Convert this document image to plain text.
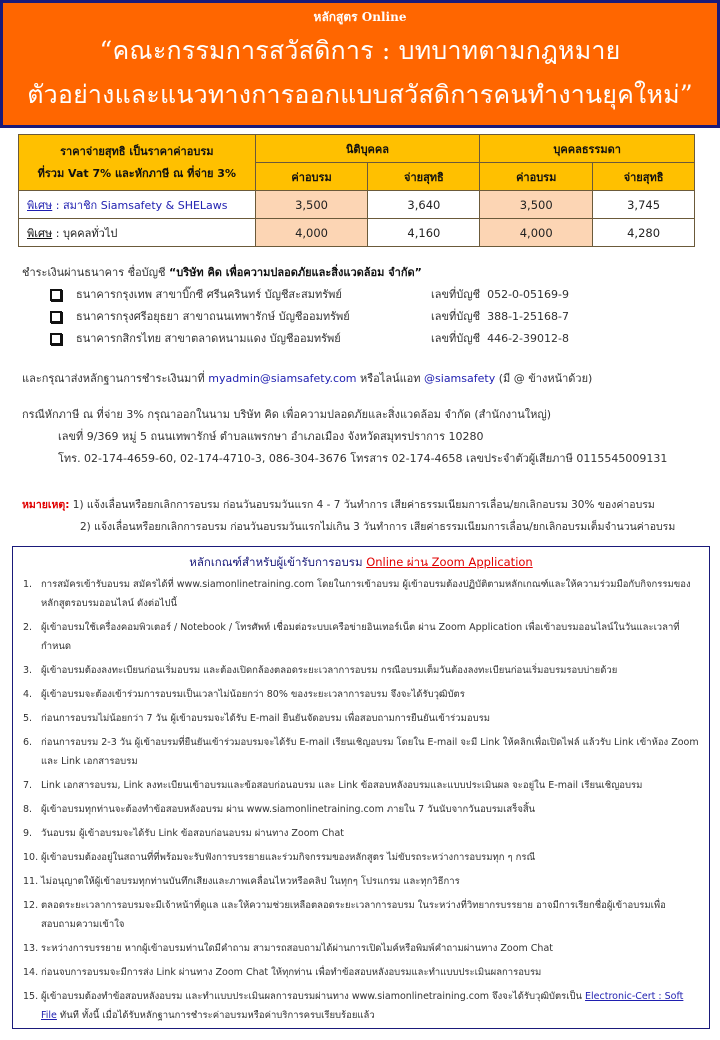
หลักสูตร Online
“คณะกรรมการสวัสดิการ : บทบาทตามกฎหมาย
ตัวอย่างและแนวทางการออกแบบสวัสดิการคนทำงานยุคใหม่”
ราคาจ่ายสุทธิ เป็นราคาค่าอบรม
ที่รวม Vat 7% และหักภาษี ณ ที่จ่าย 3%	นิติบุคคล		บุคคลธรรมดา	
	ค่าอบรม	จ่ายสุทธิ	ค่าอบรม	จ่ายสุทธิ
พิเศษ : สมาชิก Siamsafety & SHELaws	3,500	3,640	3,500	3,745
พิเศษ : บุคคลทั่วไป	4,000	4,160	4,000	4,280
ชำระเงินผ่านธนาคาร ชื่อบัญชี “บริษัท คิด เพื่อความปลอดภัยและสิ่งแวดล้อม จำกัด”
ธนาคารกรุงเทพ สาขาบิ๊กซี ศรีนครินทร์ บัญชีสะสมทรัพย์	เลขที่บัญชี 052-0-05169-9
ธนาคารกรุงศรีอยุธยา สาขาถนนเทพารักษ์ บัญชีออมทรัพย์	เลขที่บัญชี 388-1-25168-7
ธนาคารกสิกรไทย สาขาตลาดหนามแดง บัญชีออมทรัพย์	เลขที่บัญชี 446-2-39012-8
และกรุณาส่งหลักฐานการชำระเงินมาที่ myadmin@siamsafety.com หรือไลน์แอท @siamsafety (มี @ ข้างหน้าด้วย)
กรณีหักภาษี ณ ที่จ่าย 3% กรุณาออกในนาม บริษัท คิด เพื่อความปลอดภัยและสิ่งแวดล้อม จำกัด (สำนักงานใหญ่)
เลขที่ 9/369 หมู่ 5 ถนนเทพารักษ์ ตำบลแพรกษา อำเภอเมือง จังหวัดสมุทรปราการ 10280
โทร. 02-174-4659-60, 02-174-4710-3, 086-304-3676 โทรสาร 02-174-4658 เลขประจำตัวผู้เสียภาษี 0115545009131
หมายเหตุ: 1) แจ้งเลื่อนหรือยกเลิกการอบรม ก่อนวันอบรมวันแรก 4 - 7 วันทำการ เสียค่าธรรมเนียมการเลื่อน/ยกเลิกอบรม 30% ของค่าอบรม
2) แจ้งเลื่อนหรือยกเลิกการอบรม ก่อนวันอบรมวันแรกไม่เกิน 3 วันทำการ เสียค่าธรรมเนียมการเลื่อน/ยกเลิกอบรมเต็มจำนวนค่าอบรม
หลักเกณฑ์สำหรับผู้เข้ารับการอบรม Online ผ่าน Zoom Application
1. การสมัครเข้ารับอบรม สมัครได้ที่ www.siamonlinetraining.com โดยในการเข้าอบรม ผู้เข้าอบรมต้องปฏิบัติตามหลักเกณฑ์และให้ความร่วมมือกับกิจกรรมของหลักสูตรอบรมออนไลน์ ดังต่อไปนี้
2. ผู้เข้าอบรมใช้เครื่องคอมพิวเตอร์ / Notebook / โทรศัพท์ เชื่อมต่อระบบเครือข่ายอินเทอร์เน็ต ผ่าน Zoom Application เพื่อเข้าอบรมออนไลน์ในวันและเวลาที่กำหนด
3. ผู้เข้าอบรมต้องลงทะเบียนก่อนเริ่มอบรม และต้องเปิดกล้องตลอดระยะเวลาการอบรม กรณีอบรมเต็มวันต้องลงทะเบียนก่อนเริ่มอบรมรอบบ่ายด้วย
4. ผู้เข้าอบรมจะต้องเข้าร่วมการอบรมเป็นเวลาไม่น้อยกว่า 80% ของระยะเวลาการอบรม จึงจะได้รับวุฒิบัตร
5. ก่อนการอบรมไม่น้อยกว่า 7 วัน ผู้เข้าอบรมจะได้รับ E-mail ยืนยันจัดอบรม เพื่อสอบถามการยืนยันเข้าร่วมอบรม
6. ก่อนการอบรม 2-3 วัน ผู้เข้าอบรมที่ยืนยันเข้าร่วมอบรมจะได้รับ E-mail เรียนเชิญอบรม โดยใน E-mail จะมี Link ให้คลิกเพื่อเปิดไฟล์ แล้วรับ Link เข้าห้อง Zoom และ Link เอกสารอบรม
7. Link เอกสารอบรม, Link ลงทะเบียนเข้าอบรมและข้อสอบก่อนอบรม และ Link ข้อสอบหลังอบรมและแบบประเมินผล จะอยู่ใน E-mail เรียนเชิญอบรม
8. ผู้เข้าอบรมทุกท่านจะต้องทำข้อสอบหลังอบรม ผ่าน www.siamonlinetraining.com ภายใน 7 วันนับจากวันอบรมเสร็จสิ้น
9. วันอบรม ผู้เข้าอบรมจะได้รับ Link ข้อสอบก่อนอบรม ผ่านทาง Zoom Chat
10. ผู้เข้าอบรมต้องอยู่ในสถานที่ที่พร้อมจะรับฟังการบรรยายและร่วมกิจกรรมของหลักสูตร ไม่ขับรถระหว่างการอบรมทุก ๆ กรณี
11. ไม่อนุญาตให้ผู้เข้าอบรมทุกท่านบันทึกเสียงและภาพเคลื่อนไหวหรือคลิป ในทุกๆ โปรแกรม และทุกวิธีการ
12. ตลอดระยะเวลาการอบรมจะมีเจ้าหน้าที่ดูแล และให้ความช่วยเหลือตลอดระยะเวลาการอบรม ในระหว่างที่วิทยากรบรรยาย อาจมีการเรียกชื่อผู้เข้าอบรมเพื่อสอบถามความเข้าใจ
13. ระหว่างการบรรยาย หากผู้เข้าอบรมท่านใดมีคำถาม สามารถสอบถามได้ผ่านการเปิดไมค์หรือพิมพ์คำถามผ่านทาง Zoom Chat
14. ก่อนจบการอบรมจะมีการส่ง Link ผ่านทาง Zoom Chat ให้ทุกท่าน เพื่อทำข้อสอบหลังอบรมและทำแบบประเมินผลการอบรม
15. ผู้เข้าอบรมต้องทำข้อสอบหลังอบรม และทำแบบประเมินผลการอบรมผ่านทาง www.siamonlinetraining.com จึงจะได้รับวุฒิบัตรเป็น Electronic-Cert : Soft File ทันที ทั้งนี้ เมื่อได้รับหลักฐานการชำระค่าอบรมหรือค่าบริการครบเรียบร้อยแล้ว
